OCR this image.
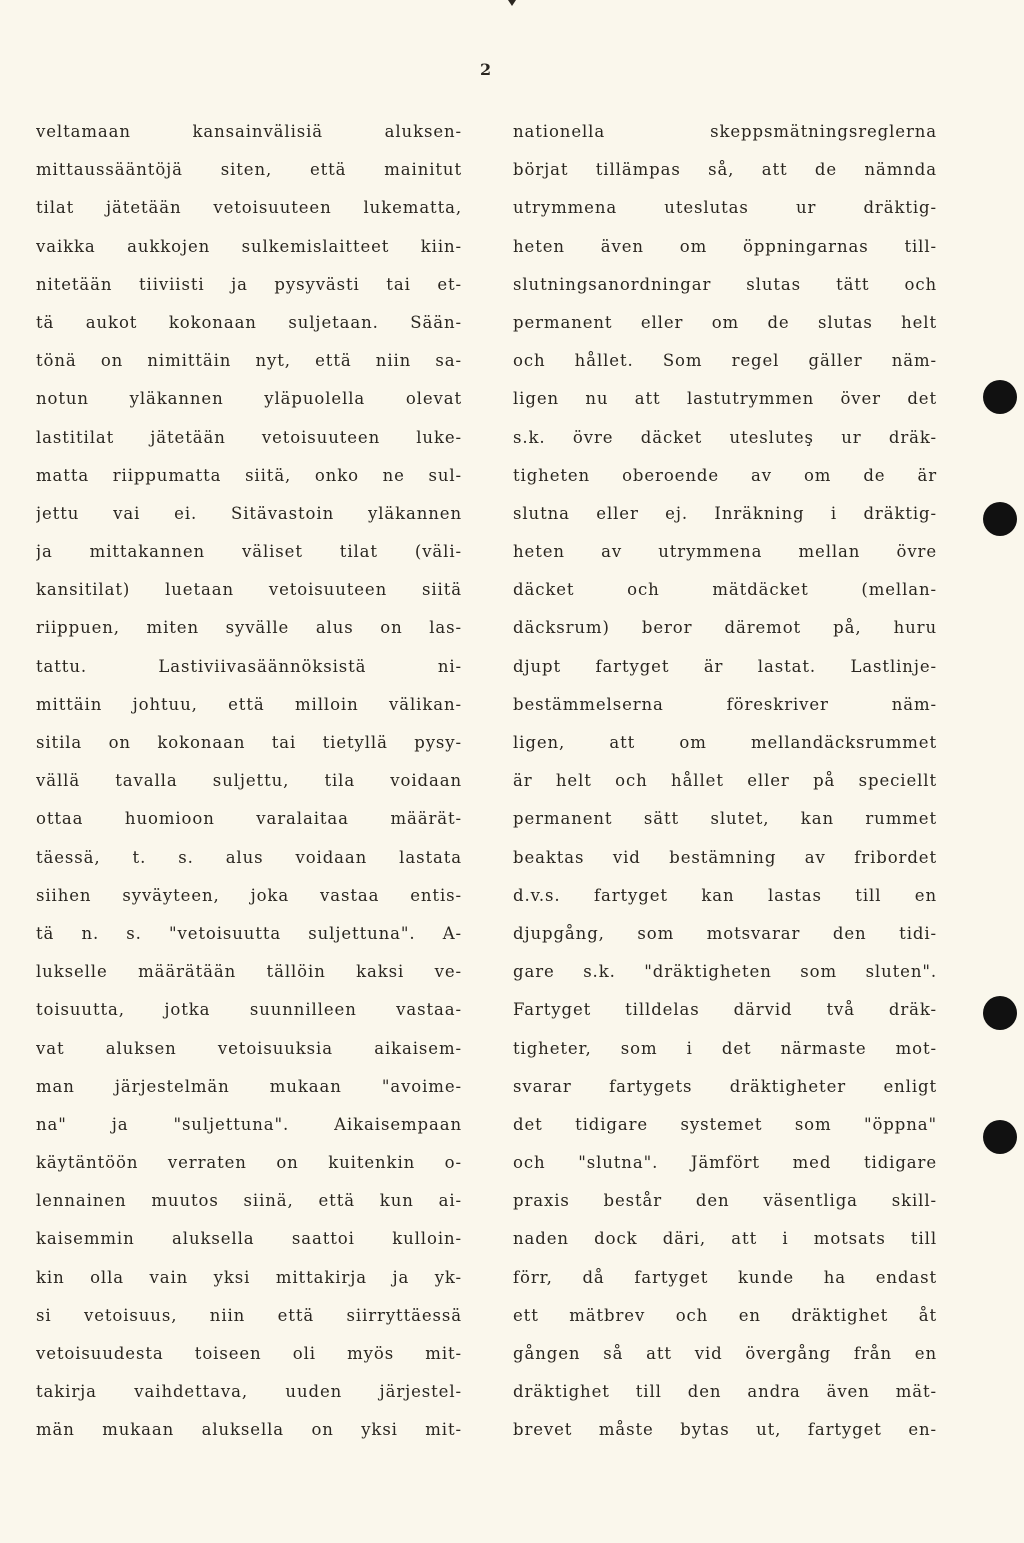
2
veltamaan kansainvälisiä aluksen-
mittaussääntöjä siten, että mainitut
tilat jätetään vetoisuuteen lukematta,
vaikka aukkojen sulkemislaitteet kiin-
nitetään tiiviisti ja pysyvästi tai et-
tä aukot kokonaan suljetaan. Sään-
tönä on nimittäin nyt, että niin sa-
notun yläkannen yläpuolella olevat
lastitilat jätetään vetoisuuteen luke-
matta riippumatta siitä, onko ne sul-
jettu vai ei. Sitävastoin yläkannen
ja mittakannen väliset tilat (väli-
kansitilat) luetaan vetoisuuteen siitä
riippuen, miten syvälle alus on las-
tattu. Lastiviivasäännöksistä ni-
mittäin johtuu, että milloin välikan-
sitila on kokonaan tai tietyllä pysy-
vällä tavalla suljettu, tila voidaan
ottaa huomioon varalaitaa määrät-
täessä, t. s. alus voidaan lastata
siihen syväyteen, joka vastaa entis-
tä n. s. "vetoisuutta suljettuna". A-
lukselle määrätään tällöin kaksi ve-
toisuutta, jotka suunnilleen vastaa-
vat aluksen vetoisuuksia aikaisem-
man järjestelmän mukaan "avoime-
na" ja "suljettuna". Aikaisempaan
käytäntöön verraten on kuitenkin o-
lennainen muutos siinä, että kun ai-
kaisemmin aluksella saattoi kulloin-
kin olla vain yksi mittakirja ja yk-
si vetoisuus, niin että siirryttäessä
vetoisuudesta toiseen oli myös mit-
takirja vaihdettava, uuden järjestel-
män mukaan aluksella on yksi mit-
nationella skeppsmätningsreglerna
börjat tillämpas så, att de nämnda
utrymmena uteslutas ur dräktig-
heten även om öppningarnas till-
slutningsanordningar slutas tätt och
permanent eller om de slutas helt
och hållet. Som regel gäller näm-
ligen nu att lastutrymmen över det
s.k. övre däcket utesluteş ur dräk-
tigheten oberoende av om de är
slutna eller ej. Inräkning i dräktig-
heten av utrymmena mellan övre
däcket och mätdäcket (mellan-
däcksrum) beror däremot på, huru
djupt fartyget är lastat. Lastlinje-
bestämmelserna föreskriver näm-
ligen, att om mellandäcksrummet
är helt och hållet eller på speciellt
permanent sätt slutet, kan rummet
beaktas vid bestämning av fribordet
d.v.s. fartyget kan lastas till en
djupgång, som motsvarar den tidi-
gare s.k. "dräktigheten som sluten".
Fartyget tilldelas därvid två dräk-
tigheter, som i det närmaste mot-
svarar fartygets dräktigheter enligt
det tidigare systemet som "öppna"
och "slutna". Jämfört med tidigare
praxis består den väsentliga skill-
naden dock däri, att i motsats till
förr, då fartyget kunde ha endast
ett mätbrev och en dräktighet åt
gången så att vid övergång från en
dräktighet till den andra även mät-
brevet måste bytas ut, fartyget en-
